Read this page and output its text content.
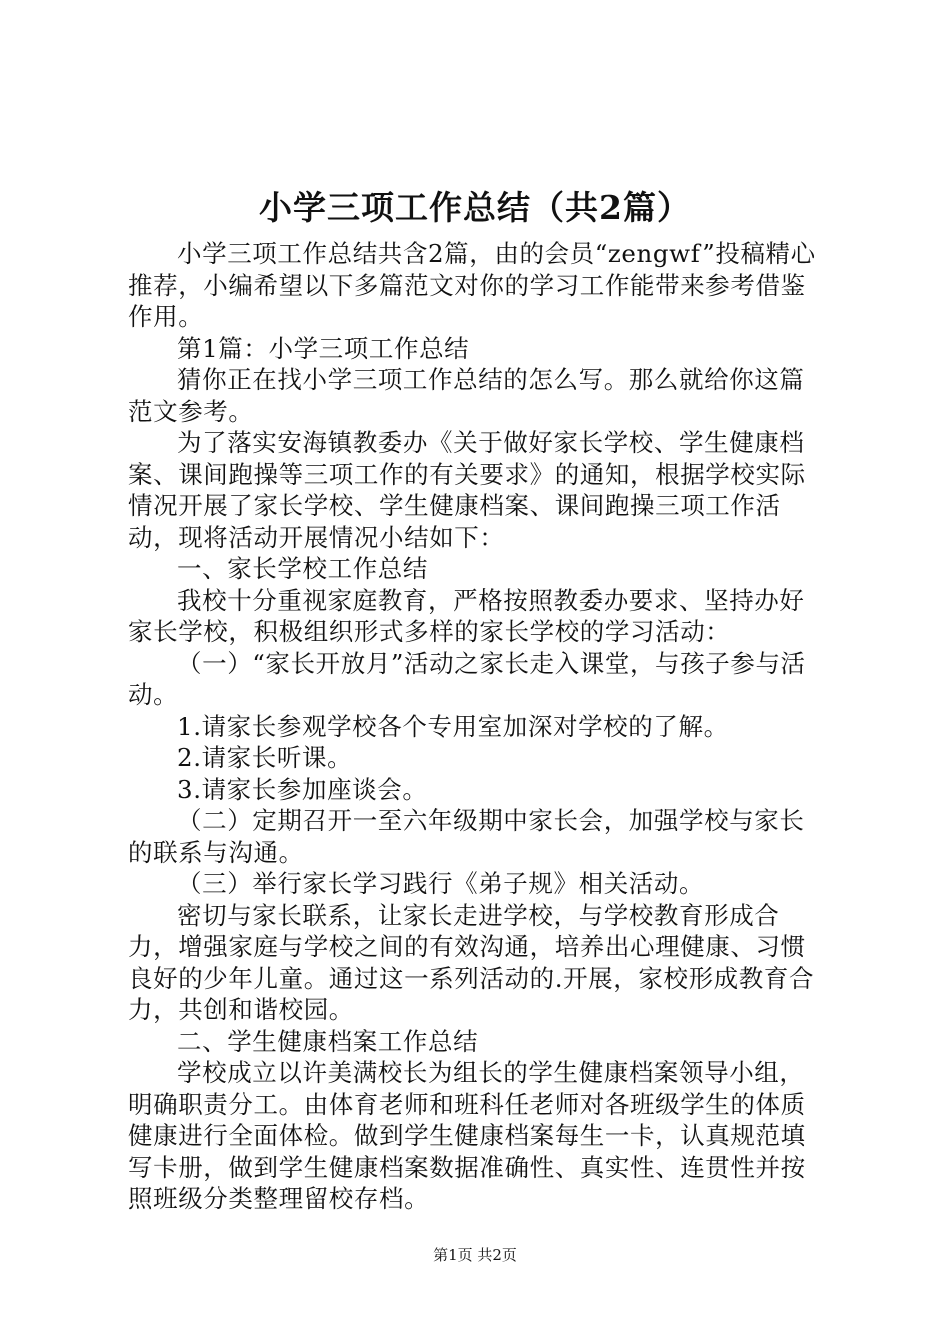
小学三项工作总结（共2篇）

小学三项工作总结共含2篇，由的会员“zengwf”投稿精心推荐，小编希望以下多篇范文对你的学习工作能带来参考借鉴作用。

第1篇：小学三项工作总结

猜你正在找小学三项工作总结的怎么写。那么就给你这篇范文参考。

为了落实安海镇教委办《关于做好家长学校、学生健康档案、课间跑操等三项工作的有关要求》的通知，根据学校实际情况开展了家长学校、学生健康档案、课间跑操三项工作活动，现将活动开展情况小结如下：

一、家长学校工作总结

我校十分重视家庭教育，严格按照教委办要求、坚持办好家长学校，积极组织形式多样的家长学校的学习活动：

（一）“家长开放月”活动之家长走入课堂，与孩子参与活动。

1.请家长参观学校各个专用室加深对学校的了解。

2.请家长听课。

3.请家长参加座谈会。

（二）定期召开一至六年级期中家长会，加强学校与家长的联系与沟通。

（三）举行家长学习践行《弟子规》相关活动。

密切与家长联系，让家长走进学校，与学校教育形成合力，增强家庭与学校之间的有效沟通，培养出心理健康、习惯良好的少年儿童。通过这一系列活动的.开展，家校形成教育合力，共创和谐校园。

二、学生健康档案工作总结

学校成立以许美满校长为组长的学生健康档案领导小组，明确职责分工。由体育老师和班科任老师对各班级学生的体质健康进行全面体检。做到学生健康档案每生一卡，认真规范填写卡册，做到学生健康档案数据准确性、真实性、连贯性并按照班级分类整理留校存档。

第1页 共2页
